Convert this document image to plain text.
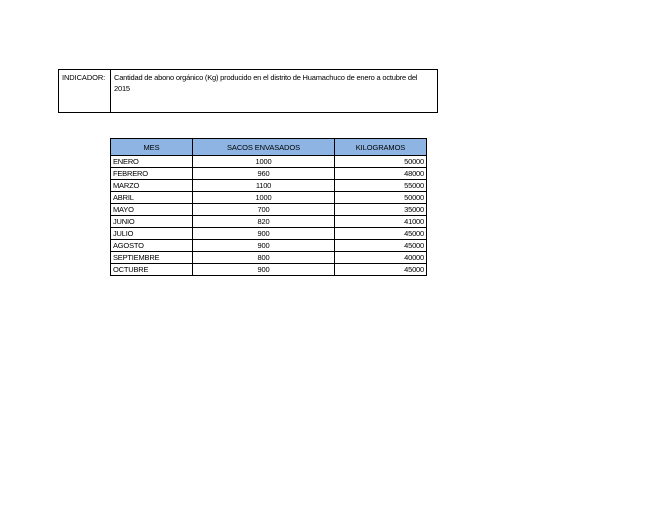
INDICADOR:	Cantidad de abono orgánico (Kg) producido en el distrito de Huamachuco de enero a octubre del 2015
MES	SACOS ENVASADOS	KILOGRAMOS
ENERO	1000	50000
FEBRERO	960	48000
MARZO	1100	55000
ABRIL	1000	50000
MAYO	700	35000
JUNIO	820	41000
JULIO	900	45000
AGOSTO	900	45000
SEPTIEMBRE	800	40000
OCTUBRE	900	45000
